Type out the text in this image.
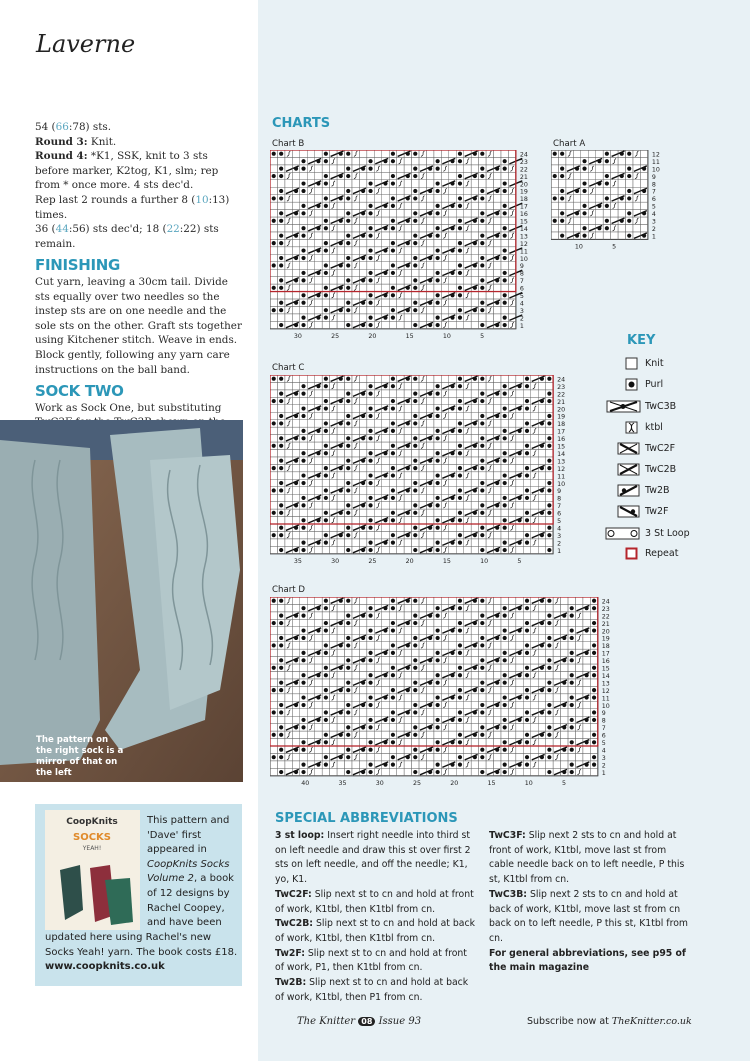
Laverne

54 (66:78) sts.

Round 3: Knit.

Round 4: *K1, SSK, knit to 3 sts before marker, K2tog, K1, slm; rep from * once more. 4 sts dec'd.

Rep last 2 rounds a further 8 (10:13) times.

36 (44:56) sts dec'd; 18 (22:22) sts remain.

FINISHING

Cut yarn, leaving a 30cm tail. Divide sts equally over two needles so the instep sts are on one needle and the sole sts on the other. Graft sts together using Kitchener stitch. Weave in ends. Block gently, following any yarn care instructions on the ball band.

SOCK TWO

Work as Sock One, but substituting

The pattern on the right sock is a mirror of that on the left
CoopKnits
SOCKS
YEAH!
This pattern and 'Dave' first appeared in CoopKnits Socks Volume 2, a book of 12 designs by Rachel Coopey, and have been
updated here using Rachel's new Socks Yeah! yarn. The book costs £18.
www.coopknits.co.uk
CHARTS
Chart B	Chart A
Chart C
Chart D
24
23
22
21
20
19
18
17
16
15
14
13
12
11
10
9
8
7
6
5
4
3
2
1
30	25	20	15	10	5
12
11
10
9
8
7
6
5
4
3
2
1
10	5
24
23
22
21
20
19
18
17
16
15
14
13
12
11
10
9
8
7
6
5
4
3
2
1
35	30	25	20	15	10	5
24
23
22
21
20
19
18
17
16
15
14
13
12
11
10
9
8
7
6
5
4
3
2
1
40	35	30	25	20	15	10	5
KEY
Knit
Purl
TwC3B
ktbl
TwC2F
TwC2B
Tw2B
Tw2F
3 St Loop
Repeat
SPECIAL ABBREVIATIONS

3 st loop: Insert right needle into third st on left needle and draw this st over first 2 sts on left needle, and off the needle; K1, yo, K1.

TwC2F: Slip next st to cn and hold at front of work, K1tbl, then K1tbl from cn.

TwC2B: Slip next st to cn and hold at back of work, K1tbl, then K1tbl from cn.

Tw2F: Slip next st to cn and hold at front of work, P1, then K1tbl from cn.

Tw2B: Slip next st to cn and hold at back of work, K1tbl, then P1 from cn.

TwC3F: Slip next 2 sts to cn and hold at front of work, K1tbl, move last st from cable needle back on to left needle, P this st, K1tbl from cn.

TwC3B: Slip next 2 sts to cn and hold at back of work, K1tbl, move last st from cn back on to left needle, P this st, K1tbl from cn.

For general abbreviations, see p95 of the main magazine

The Knitter 08 Issue 93	Subscribe now at TheKnitter.co.uk
